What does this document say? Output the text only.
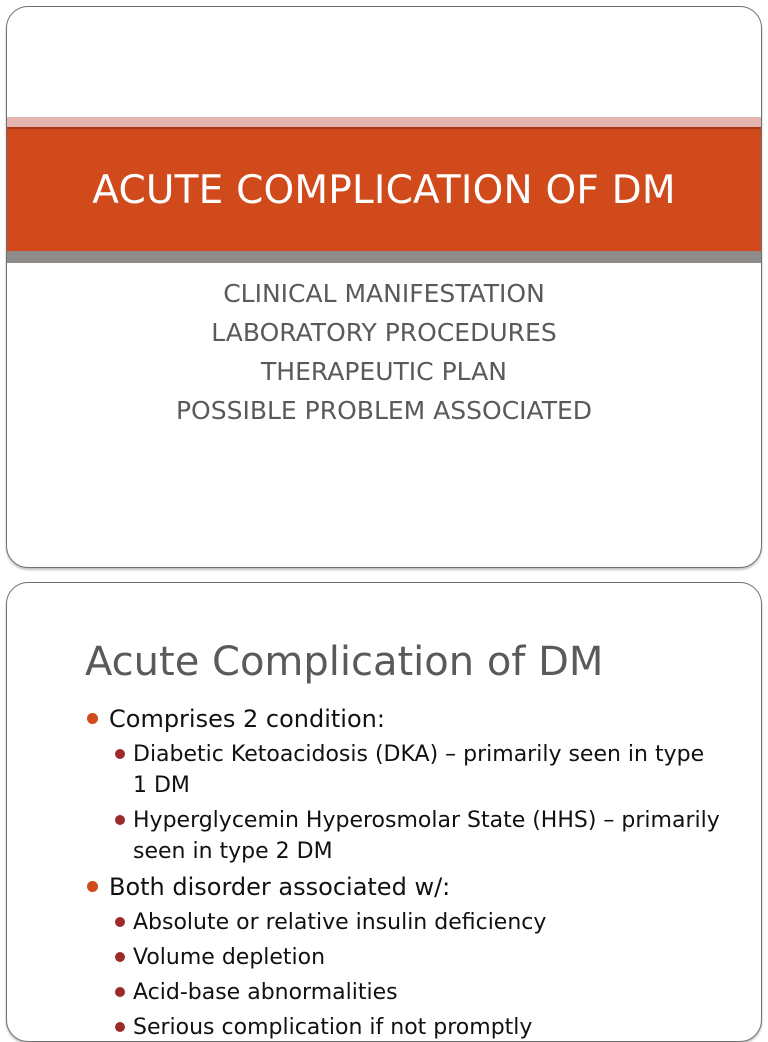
ACUTE COMPLICATION OF DM
CLINICAL MANIFESTATION
LABORATORY PROCEDURES
THERAPEUTIC PLAN
POSSIBLE PROBLEM ASSOCIATED
Acute Complication of DM
Comprises 2 condition:
Diabetic Ketoacidosis (DKA) – primarily seen in type 1 DM
Hyperglycemin Hyperosmolar State (HHS) – primarily seen in type 2 DM
Both disorder associated w/:
Absolute or relative insulin deficiency
Volume depletion
Acid-base abnormalities
Serious complication if not promptly
